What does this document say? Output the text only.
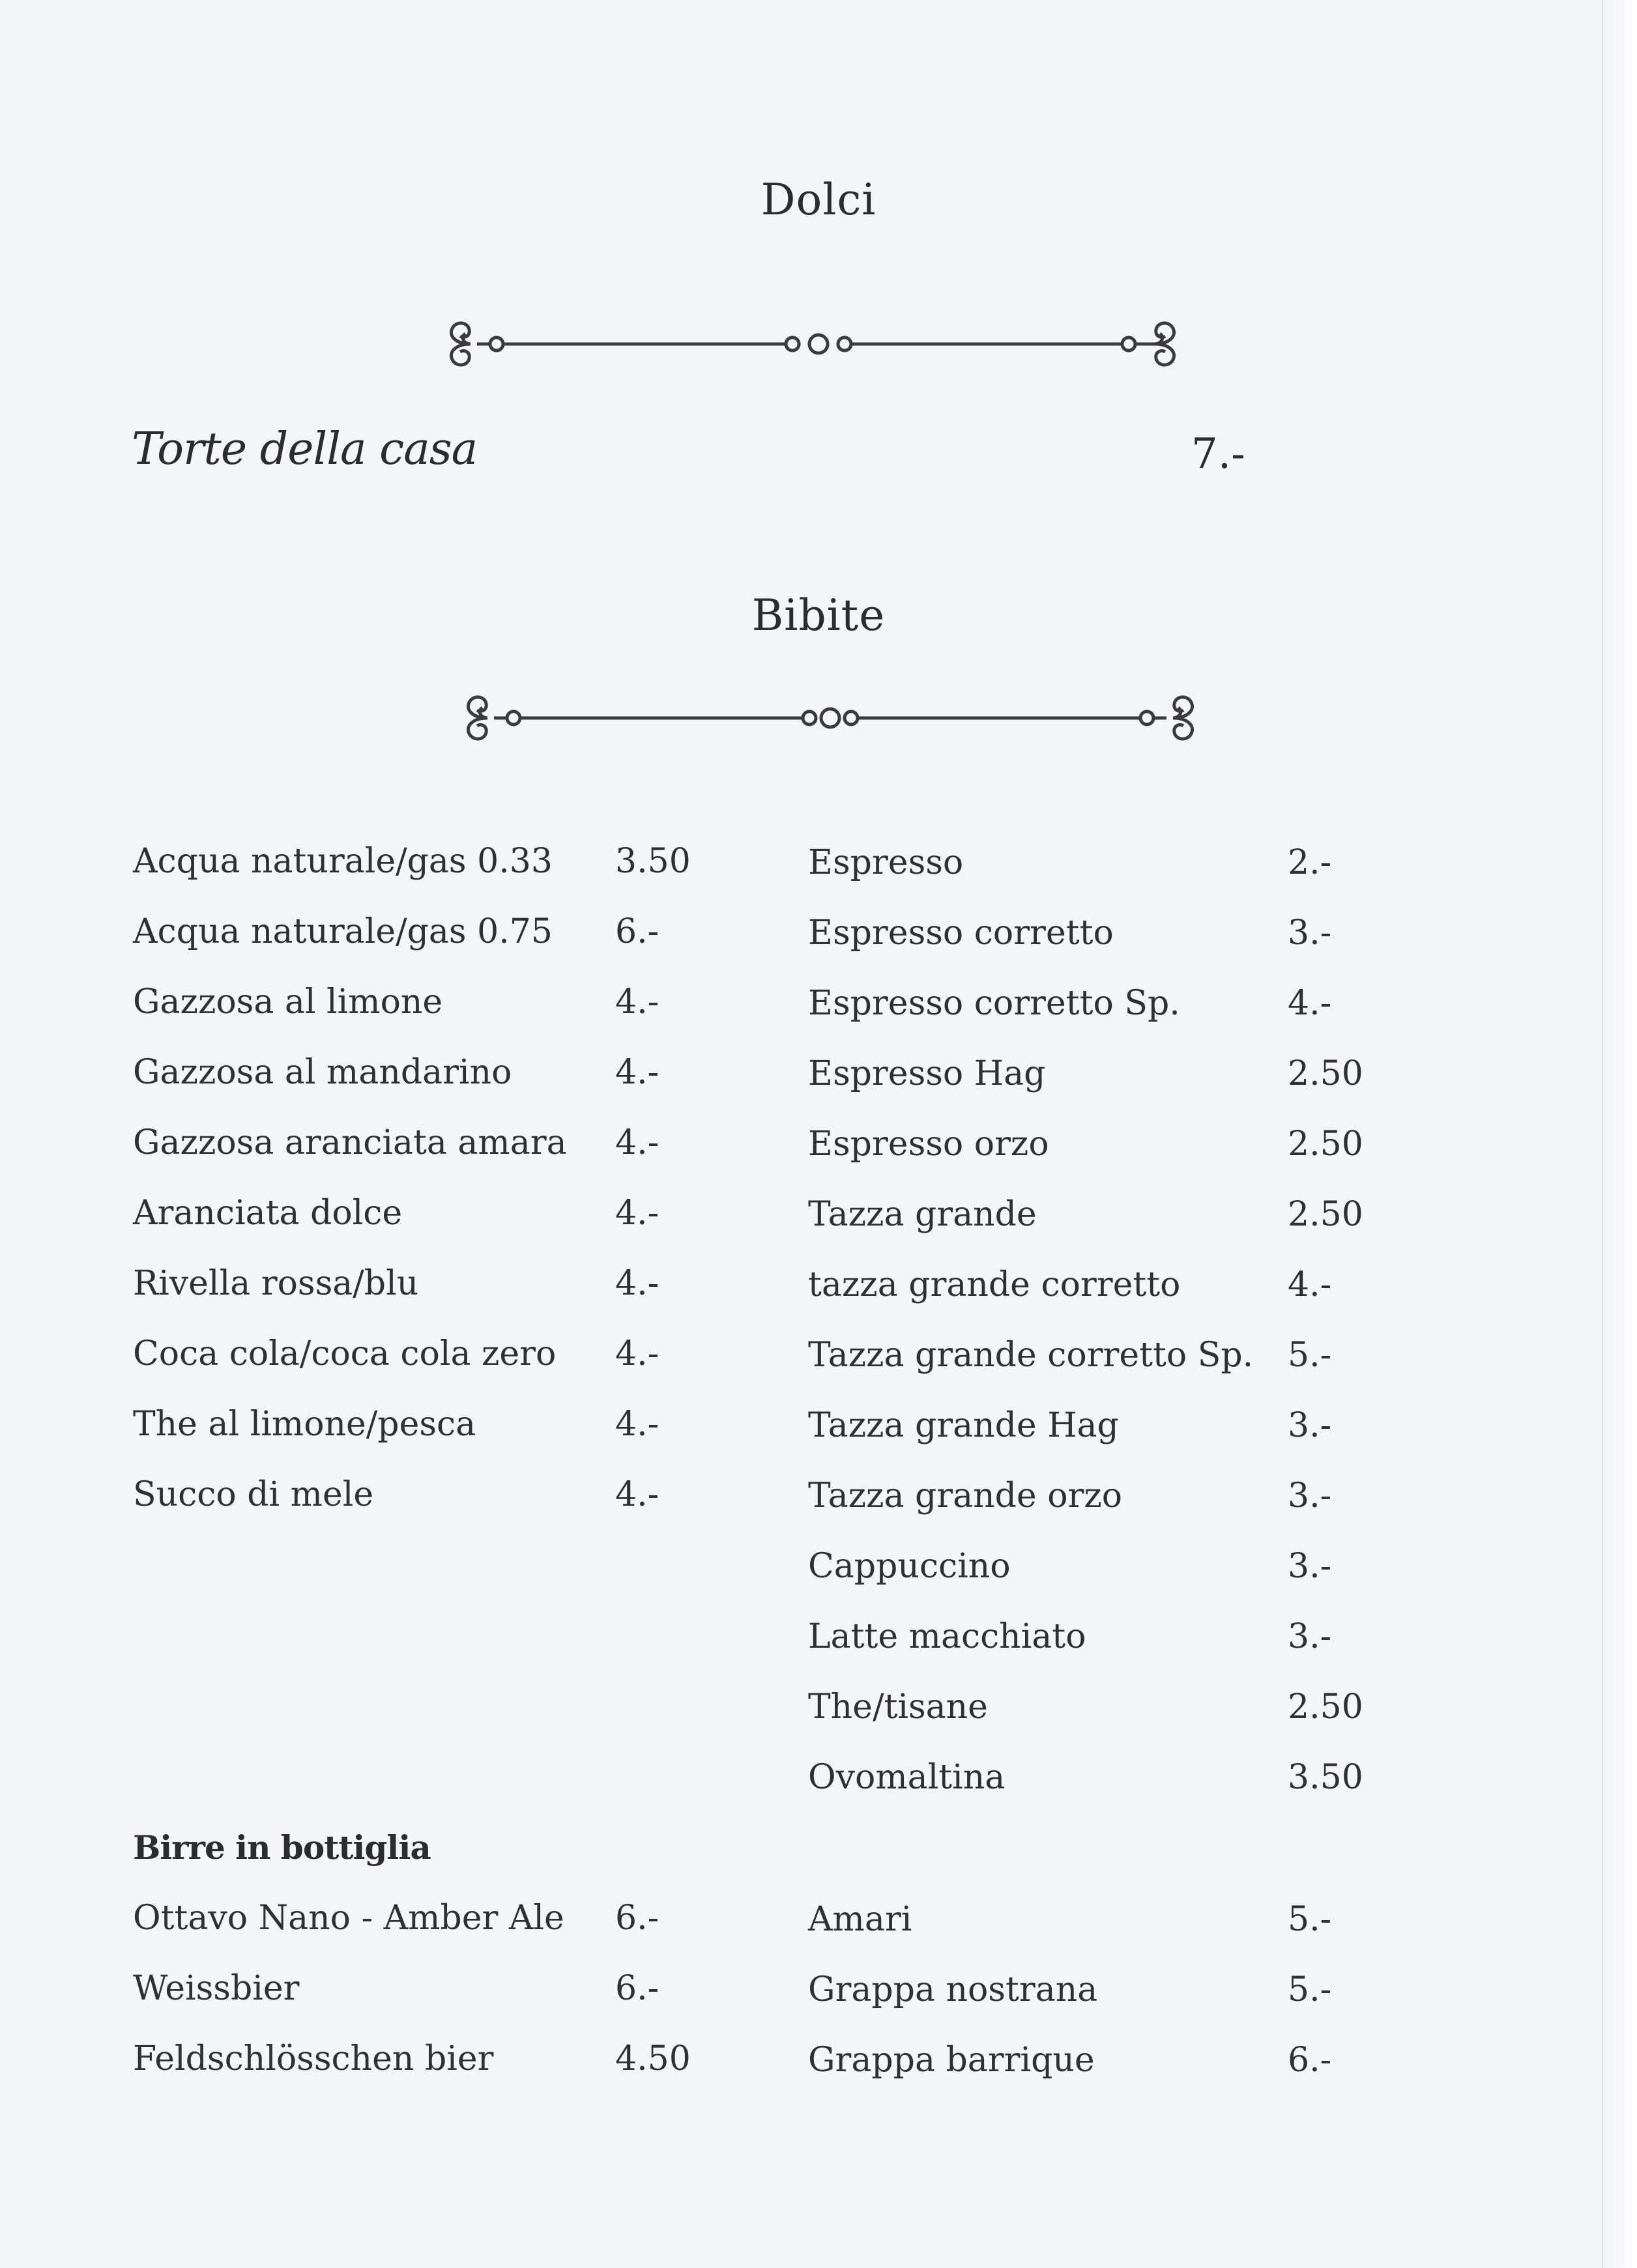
Dolci
Torte della casa	7.-
Bibite
Acqua naturale/gas 0.33 3.50
Acqua naturale/gas 0.75 6.-
Gazzosa al limone	4.-
Gazzosa al mandarino	4.-
Gazzosa aranciata amara 4.-
Aranciata dolce	4.-
Rivella rossa/blu	4.-
Coca cola/coca cola zero 4.-
The al limone/pesca	4.-
Succo di mele	4.-
Espresso	2.-
Espresso corretto	3.-
Espresso corretto Sp.	4.-
Espresso Hag	2.50
Espresso orzo	2.50
Tazza grande	2.50
tazza grande corretto	4.-
Tazza grande corretto Sp. 5.-
Tazza grande Hag	3.-
Tazza grande orzo	3.-
Cappuccino	3.-
Latte macchiato	3.-
The/tisane	2.50
Ovomaltina	3.50
Birre in bottiglia
Ottavo Nano - Amber Ale 6.-
Weissbier	6.-
Feldschlösschen bier	4.50
Amari	5.-
Grappa nostrana	5.-
Grappa barrique	6.-
